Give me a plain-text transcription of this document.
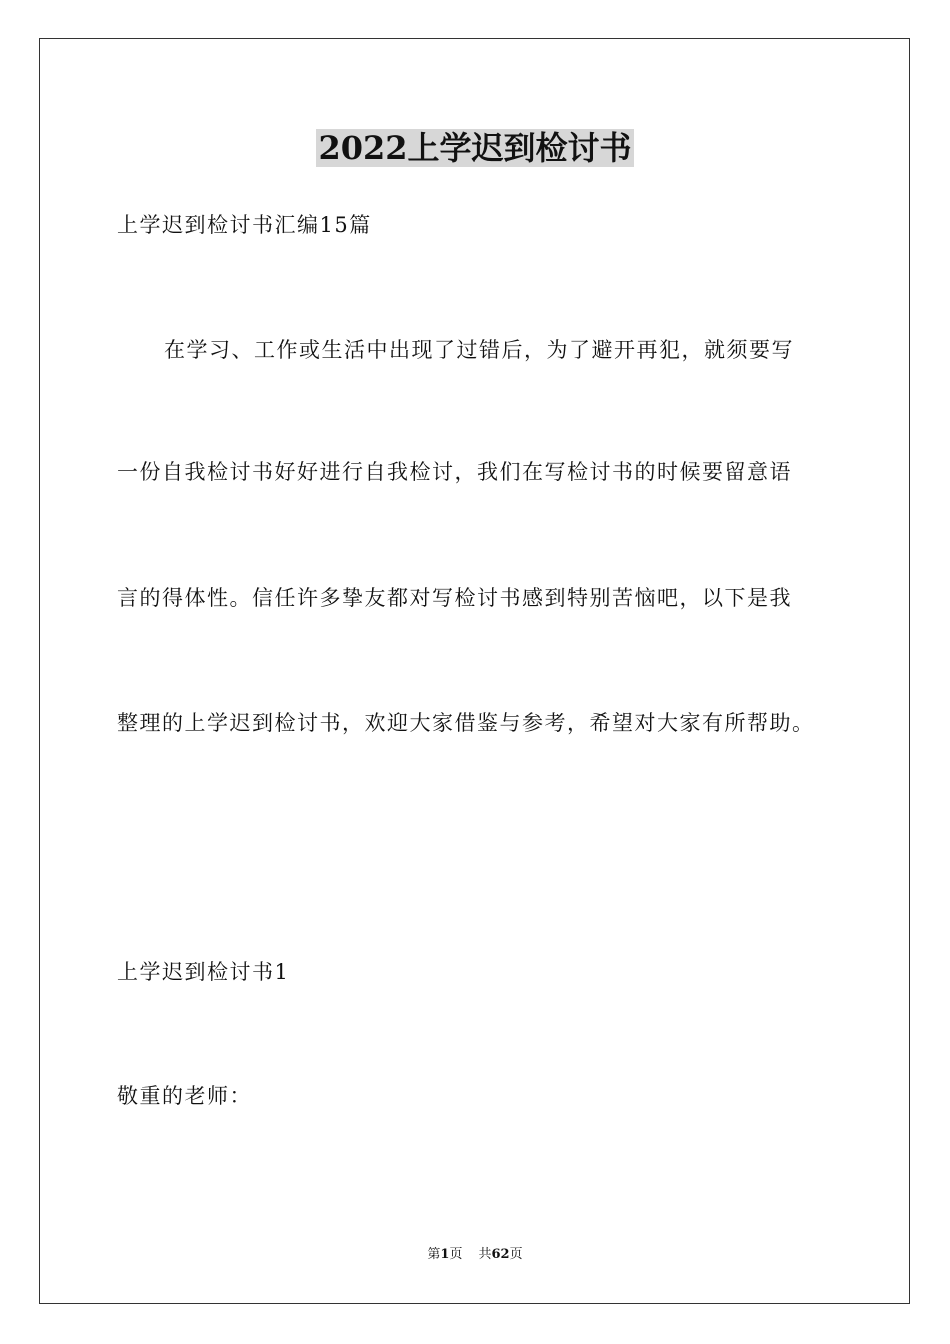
2022上学迟到检讨书
上学迟到检讨书汇编15篇
在学习、工作或生活中出现了过错后，为了避开再犯，就须要写
一份自我检讨书好好进行自我检讨，我们在写检讨书的时候要留意语
言的得体性。信任许多挚友都对写检讨书感到特别苦恼吧，以下是我
整理的上学迟到检讨书，欢迎大家借鉴与参考，希望对大家有所帮助。
上学迟到检讨书1
敬重的老师：
第1页 共62页
